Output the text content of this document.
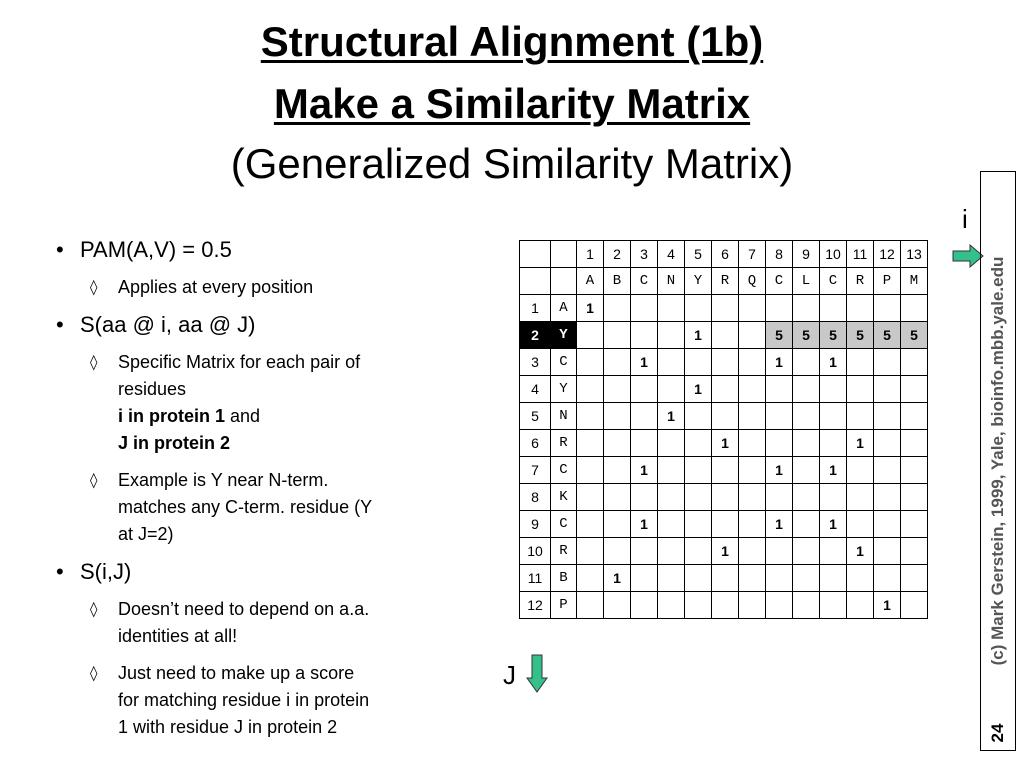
Structural Alignment (1b)
Make a Similarity Matrix
(Generalized Similarity Matrix)
• PAM(A,V) = 0.5
◊ Applies at every position
• S(aa @ i, aa @ J)
◊ Specific Matrix for each pair of
residues
i in protein 1 and
J in protein 2
◊ Example is Y near N-term.
matches any C-term. residue (Y
at J=2)
• S(i,J)
◊ Doesn’t need to depend on a.a.
identities at all!
◊ Just need to make up a score
for matching residue i in protein
1 with residue J in protein 2
		1	2	3	4	5	6	7	8	9	10	11	12	13
		A	B	C	N	Y	R	Q	C	L	C	R	P	M
1	A	1												
2	Y					1			5	5	5	5	5	5
3	C			1					1		1			
4	Y					1								
5	N				1									
6	R						1					1		
7	C			1					1		1			
8	K													
9	C			1					1		1			
10	R						1					1		
11	B		1											
12	P												1	
i
J
(c) Mark Gerstein, 1999, Yale, bioinfo.mbb.yale.edu
24
